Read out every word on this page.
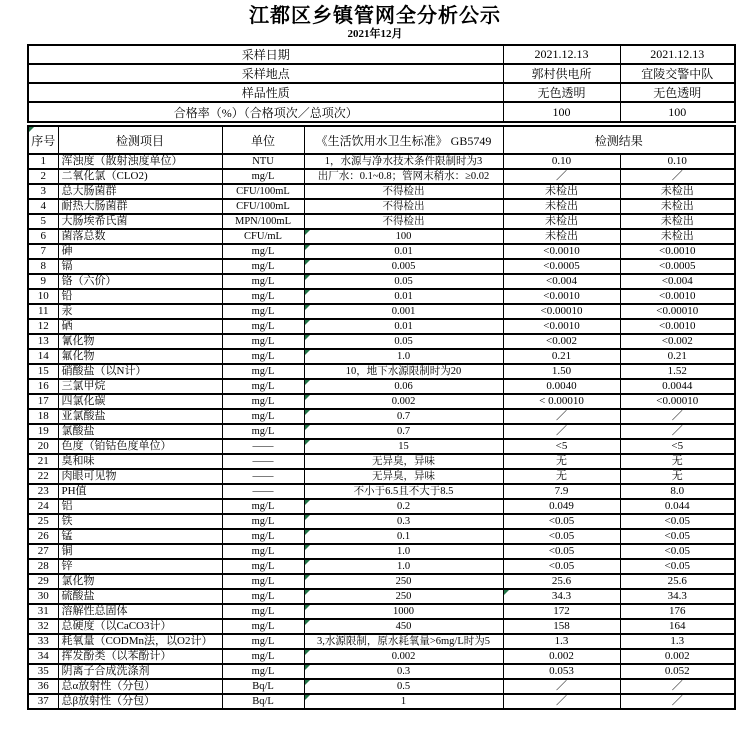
江都区乡镇管网全分析公示
2021年12月
采样日期	2021.12.13	2021.12.13
采样地点	郭村供电所	宜陵交警中队
样品性质	无色透明	无色透明
合格率（%）（合格项次／总项次）	100	100
序号	检测项目	单位	《生活饮用水卫生标准》 GB5749	检测结果	
1	浑浊度（散射浊度单位）	NTU	1，水源与净水技术条件限制时为3	0.10	0.10
2	二氧化氯（CLO2)	mg/L	出厂水：0.1~0.8；管网末稍水：≥0.02	／	／
3	总大肠菌群	CFU/100mL	不得检出	未检出	未检出
4	耐热大肠菌群	CFU/100mL	不得检出	未检出	未检出
5	大肠埃希氏菌	MPN/100mL	不得检出	未检出	未检出
6	菌落总数	CFU/mL	100	未检出	未检出
7	砷	mg/L	0.01	<0.0010	<0.0010
8	镉	mg/L	0.005	<0.0005	<0.0005
9	铬（六价）	mg/L	0.05	<0.004	<0.004
10	铅	mg/L	0.01	<0.0010	<0.0010
11	汞	mg/L	0.001	<0.00010	<0.00010
12	硒	mg/L	0.01	<0.0010	<0.0010
13	氰化物	mg/L	0.05	<0.002	<0.002
14	氟化物	mg/L	1.0	0.21	0.21
15	硝酸盐（以N计）	mg/L	10，地下水源限制时为20	1.50	1.52
16	三氯甲烷	mg/L	0.06	0.0040	0.0044
17	四氯化碳	mg/L	0.002	< 0.00010	<0.00010
18	亚氯酸盐	mg/L	0.7	／	／
19	氯酸盐	mg/L	0.7	／	／
20	色度（铂钴色度单位）	——	15	<5	<5
21	臭和味	——	无异臭，异味	无	无
22	肉眼可见物	——	无异臭，异味	无	无
23	PH值	——	不小于6.5且不大于8.5	7.9	8.0
24	铝	mg/L	0.2	0.049	0.044
25	铁	mg/L	0.3	<0.05	<0.05
26	锰	mg/L	0.1	<0.05	<0.05
27	铜	mg/L	1.0	<0.05	<0.05
28	锌	mg/L	1.0	<0.05	<0.05
29	氯化物	mg/L	250	25.6	25.6
30	硫酸盐	mg/L	250	34.3	34.3
31	溶解性总固体	mg/L	1000	172	176
32	总硬度（以CaCO3计）	mg/L	450	158	164
33	耗氧量（CODMn法，以O2计）	mg/L	3,水源限制，原水耗氧量>6mg/L时为5	1.3	1.3
34	挥发酚类（以苯酚计）	mg/L	0.002	0.002	0.002
35	阴离子合成洗涤剂	mg/L	0.3	0.053	0.052
36	总α放射性（分包）	Bq/L	0.5	／	／
37	总β放射性（分包）	Bq/L	1	／	／
